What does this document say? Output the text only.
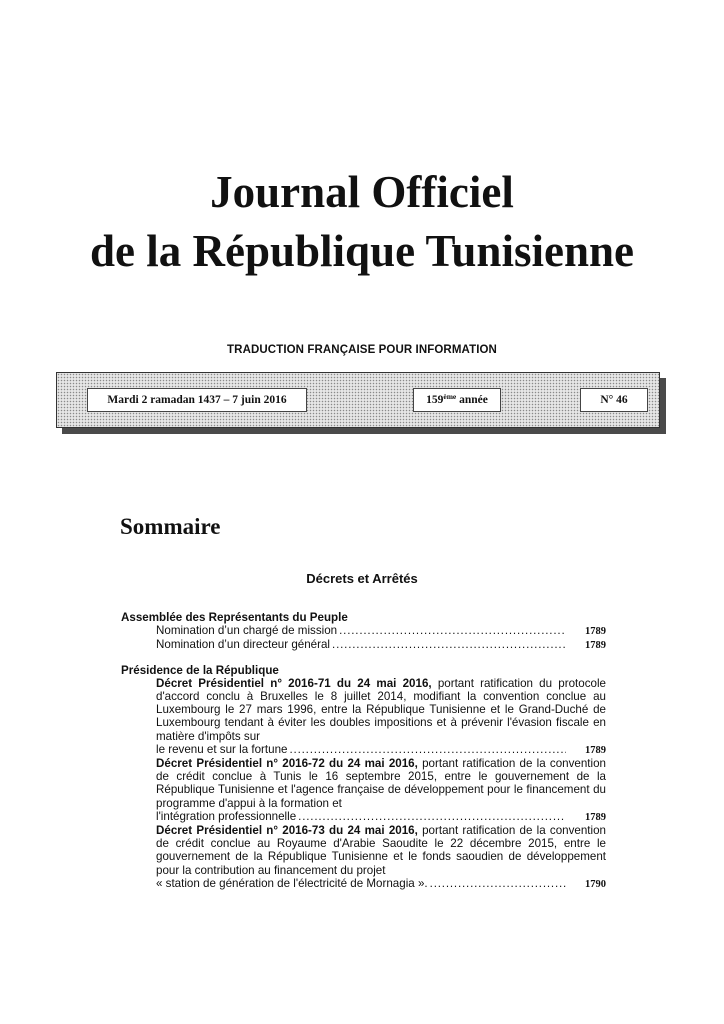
Journal Officiel
de la République Tunisienne
TRADUCTION FRANÇAISE POUR INFORMATION
Mardi 2 ramadan 1437 – 7 juin 2016	159ème année	N° 46
Sommaire
Décrets et Arrêtés
Assemblée des Représentants du Peuple
Nomination d’un chargé de mission . . .	1789
Nomination d’un directeur général . . .	1789
Présidence de la République
Décret Présidentiel n° 2016-71 du 24 mai 2016, portant ratification du protocole d'accord conclu à Bruxelles le 8 juillet 2014, modifiant la convention conclue au Luxembourg le 27 mars 1996, entre la République Tunisienne et le Grand-Duché de Luxembourg tendant à éviter les doubles impositions et à prévenir l'évasion fiscale en matière d'impôts sur
le revenu et sur la fortune . . .	1789
Décret Présidentiel n° 2016-72 du 24 mai 2016, portant ratification de la convention de crédit conclue à Tunis le 16 septembre 2015, entre le gouvernement de la République Tunisienne et l'agence française de développement pour le financement du programme d'appui à la formation et
l'intégration professionnelle . . .	1789
Décret Présidentiel n° 2016-73 du 24 mai 2016, portant ratification de la convention de crédit conclue au Royaume d'Arabie Saoudite le 22 décembre 2015, entre le gouvernement de la République Tunisienne et le fonds saoudien de développement pour la contribution au financement du projet
« station de génération de l'électricité de Mornagia ». . . .	1790
